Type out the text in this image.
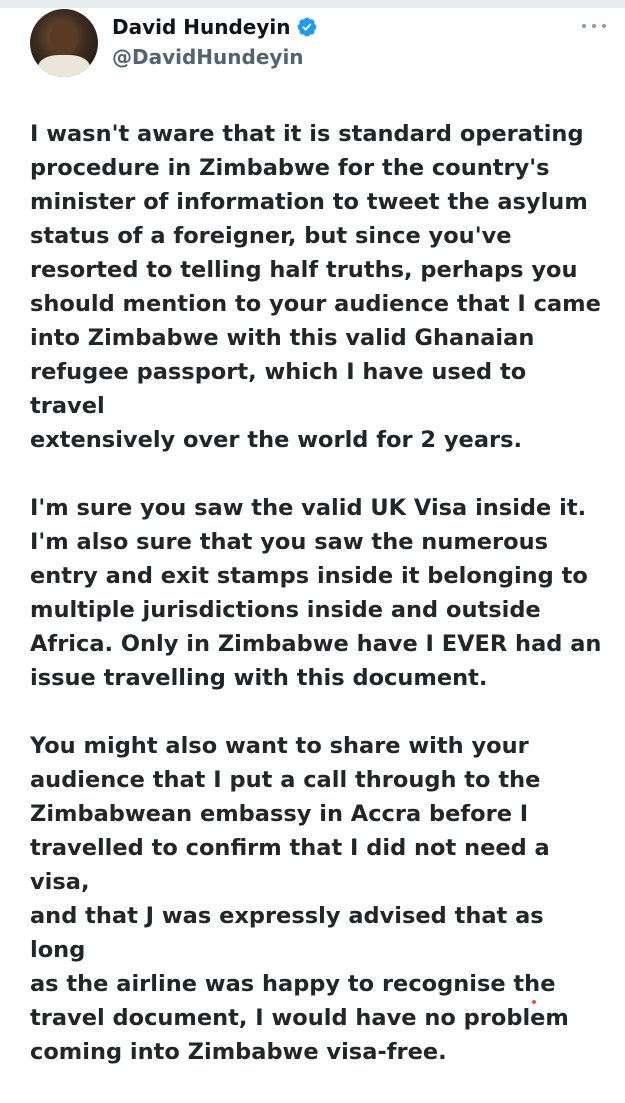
David Hundeyin
@DavidHundeyin

I wasn't aware that it is standard operating
procedure in Zimbabwe for the country's
minister of information to tweet the asylum
status of a foreigner, but since you've
resorted to telling half truths, perhaps you
should mention to your audience that I came
into Zimbabwe with this valid Ghanaian
refugee passport, which I have used to travel
extensively over the world for 2 years.

I'm sure you saw the valid UK Visa inside it.
I'm also sure that you saw the numerous
entry and exit stamps inside it belonging to
multiple jurisdictions inside and outside
Africa. Only in Zimbabwe have I EVER had an
issue travelling with this document.

You might also want to share with your
audience that I put a call through to the
Zimbabwean embassy in Accra before I
travelled to confirm that I did not need a visa,
and that J was expressly advised that as long
as the airline was happy to recognise the
travel document, I would have no problem
coming into Zimbabwe visa-free.
